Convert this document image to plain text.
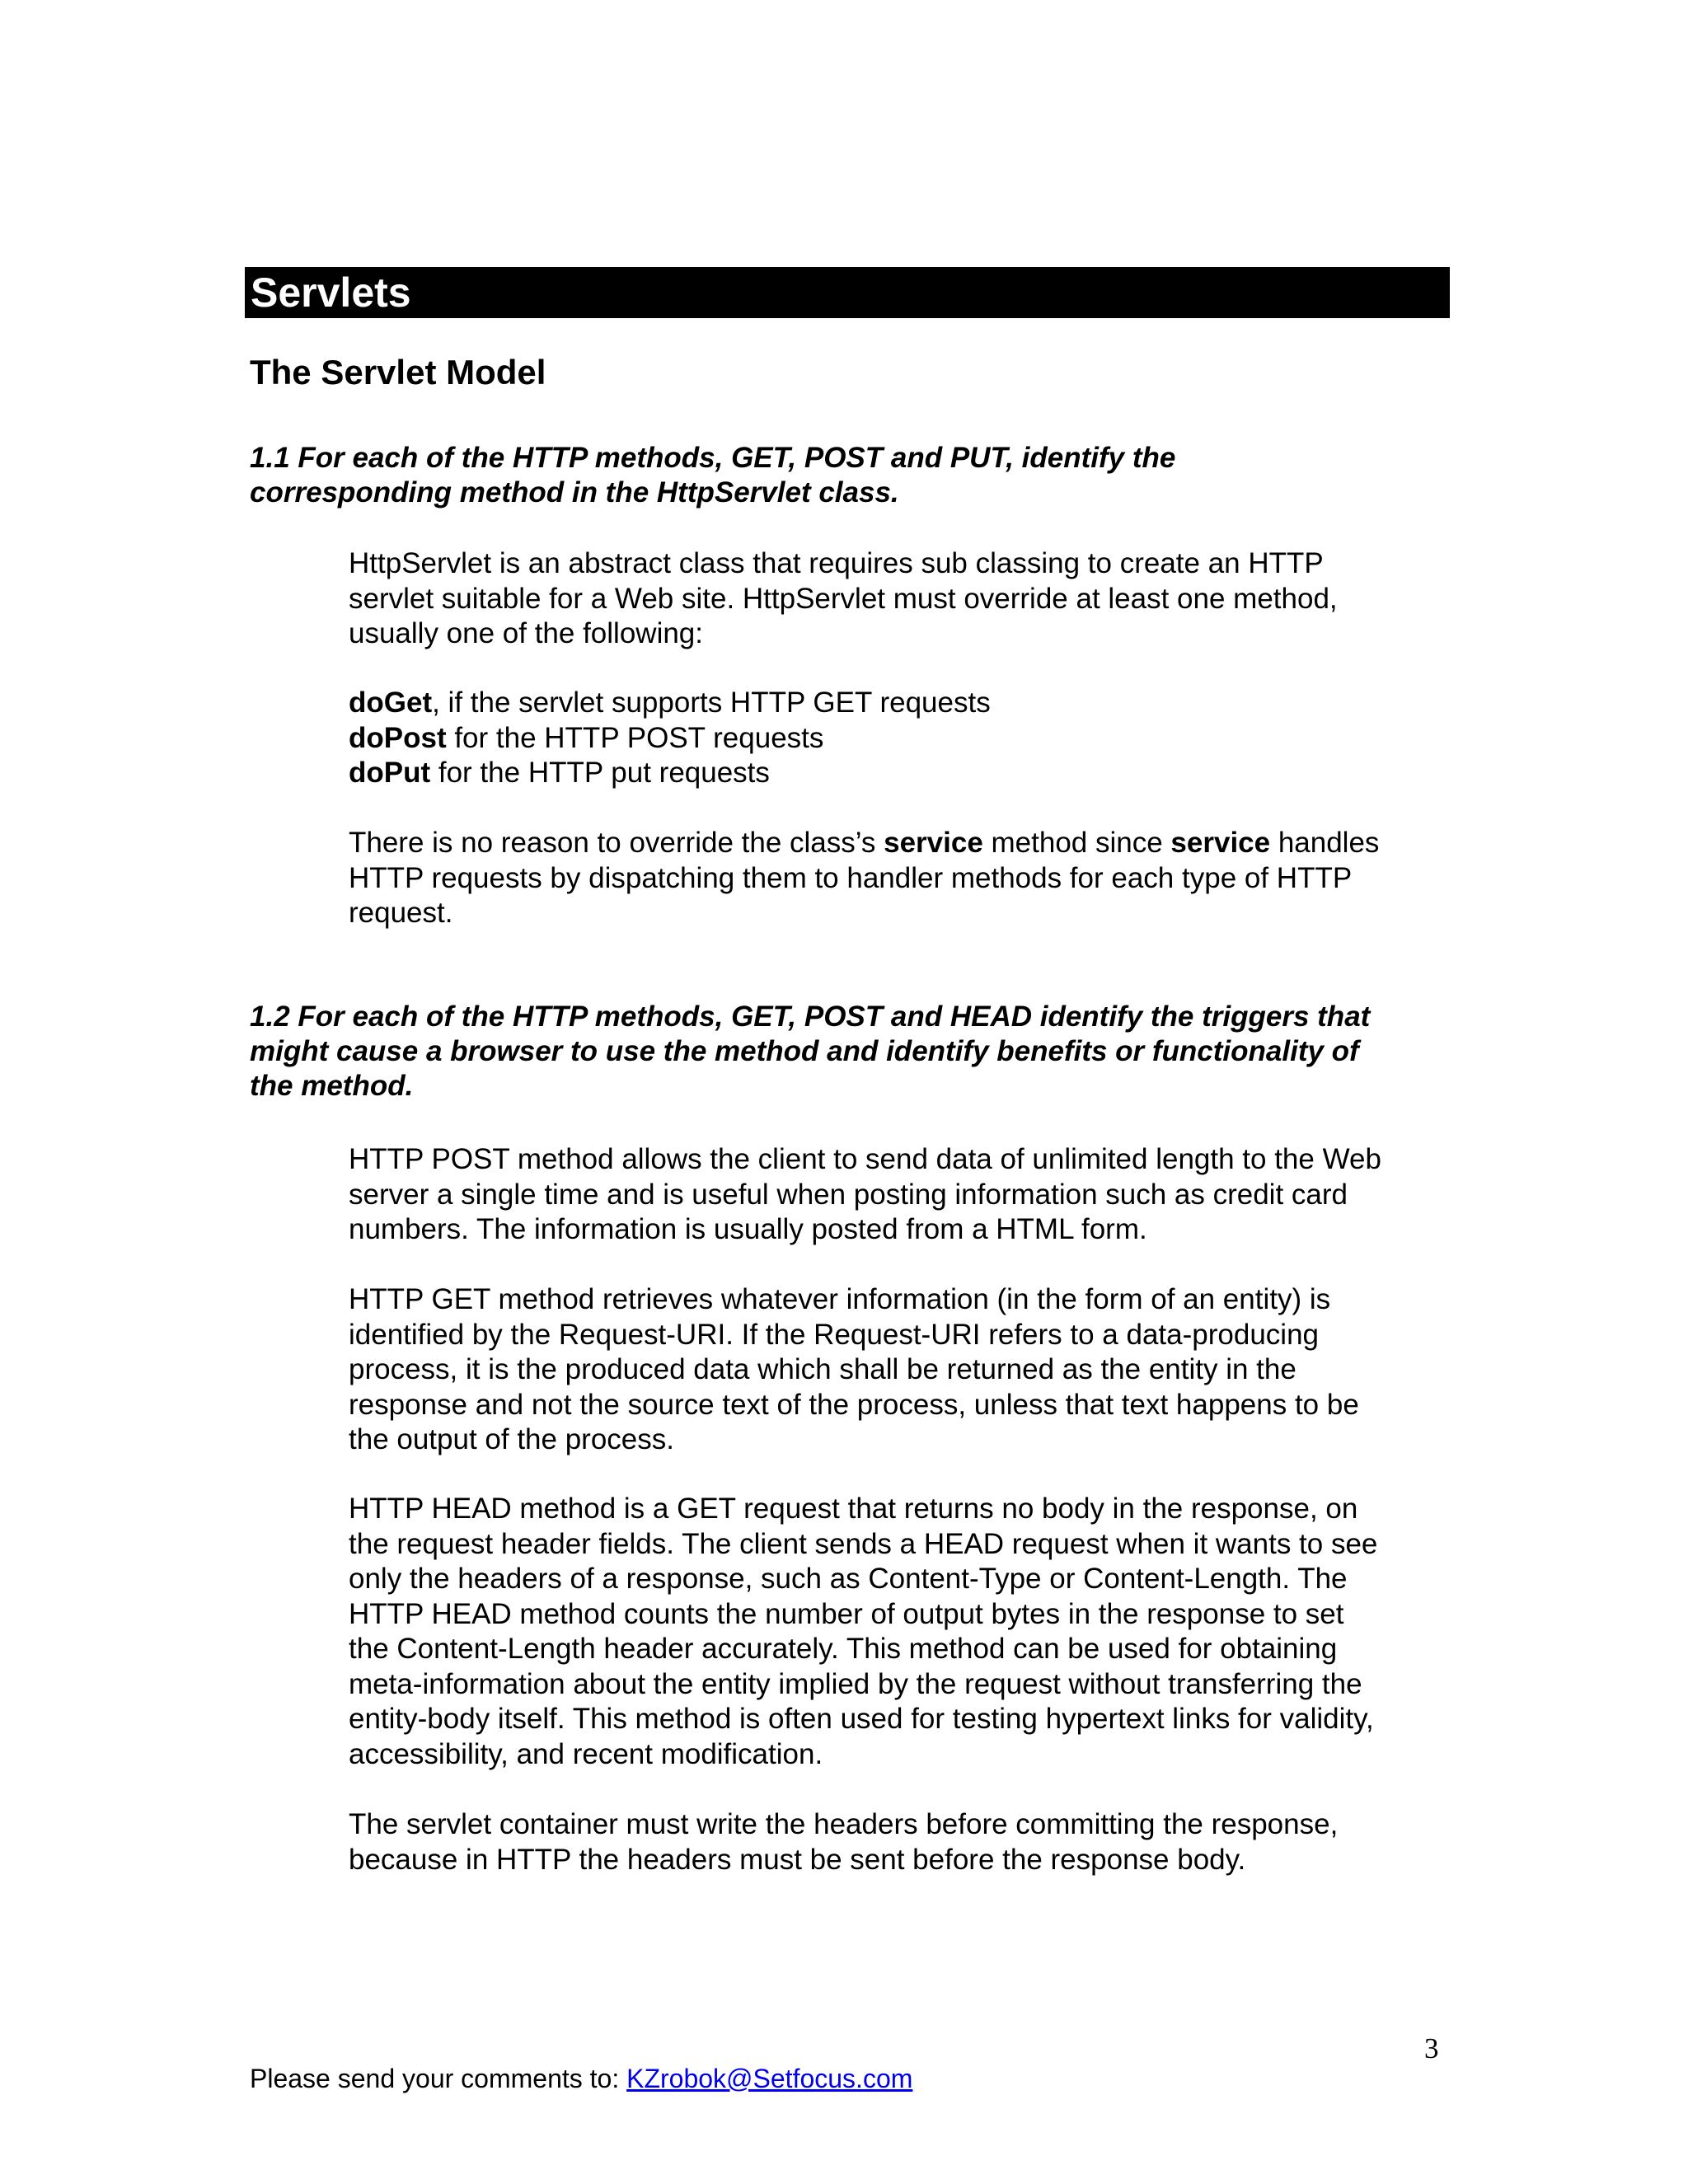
Servlets
The Servlet Model

1.1 For each of the HTTP methods, GET, POST and PUT, identify the
corresponding method in the HttpServlet class.

HttpServlet is an abstract class that requires sub classing to create an HTTP
servlet suitable for a Web site. HttpServlet must override at least one method,
usually one of the following:

doGet, if the servlet supports HTTP GET requests
doPost for the HTTP POST requests
doPut for the HTTP put requests

There is no reason to override the class’s service method since service handles
HTTP requests by dispatching them to handler methods for each type of HTTP
request.

1.2 For each of the HTTP methods, GET, POST and HEAD identify the triggers that
might cause a browser to use the method and identify benefits or functionality of
the method.

HTTP POST method allows the client to send data of unlimited length to the Web
server a single time and is useful when posting information such as credit card
numbers. The information is usually posted from a HTML form.

HTTP GET method retrieves whatever information (in the form of an entity) is
identified by the Request-URI. If the Request-URI refers to a data-producing
process, it is the produced data which shall be returned as the entity in the
response and not the source text of the process, unless that text happens to be
the output of the process.

HTTP HEAD method is a GET request that returns no body in the response, on
the request header fields. The client sends a HEAD request when it wants to see
only the headers of a response, such as Content-Type or Content-Length. The
HTTP HEAD method counts the number of output bytes in the response to set
the Content-Length header accurately. This method can be used for obtaining
meta-information about the entity implied by the request without transferring the
entity-body itself. This method is often used for testing hypertext links for validity,
accessibility, and recent modification.

The servlet container must write the headers before committing the response,
because in HTTP the headers must be sent before the response body.

3

Please send your comments to: KZrobok@Setfocus.com
